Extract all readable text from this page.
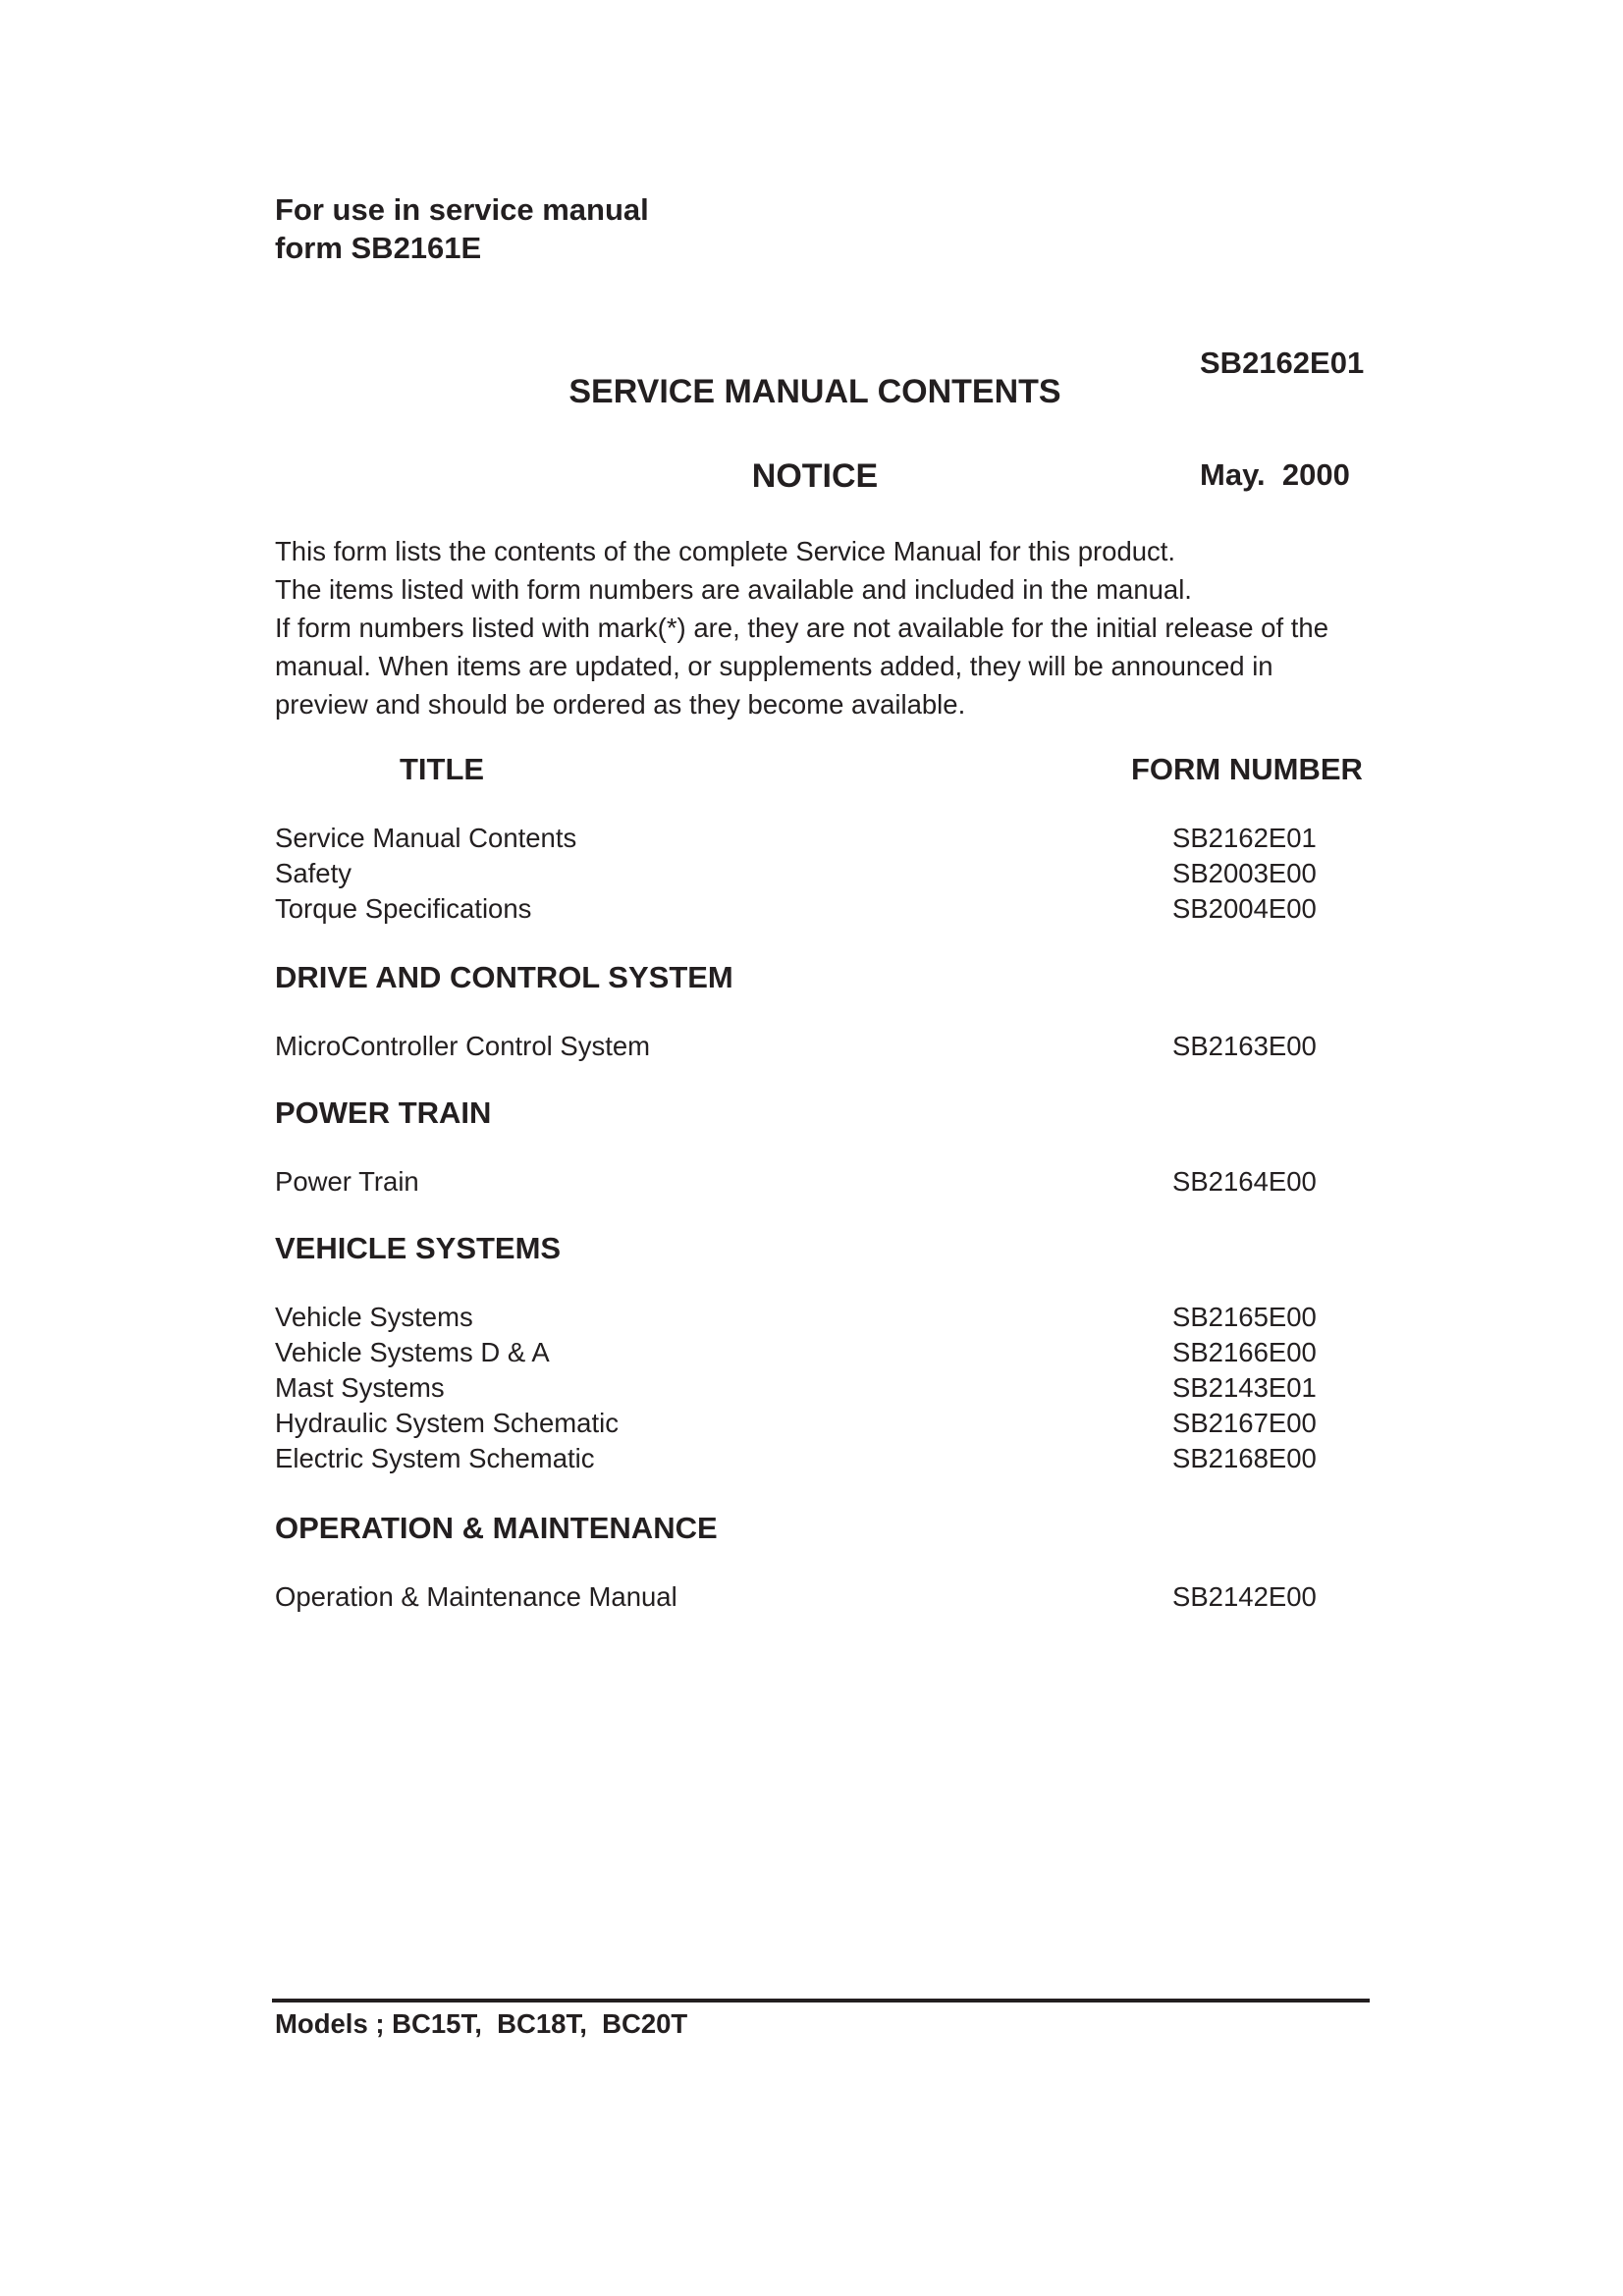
For use in service manual
form SB2161E

SB2162E01

May.  2000

SERVICE MANUAL CONTENTS
NOTICE
This form lists the contents of the complete Service Manual for this product.
The items listed with form numbers are available and included in the manual.
If form numbers listed with mark(*) are, they are not available for the initial release of the
manual. When items are updated, or supplements added, they will be announced in
preview and should be ordered as they become available.
TITLE	FORM NUMBER
Service Manual Contents	SB2162E01
Safety	SB2003E00
Torque Specifications	SB2004E00
DRIVE AND CONTROL SYSTEM
MicroController Control System	SB2163E00
POWER TRAIN
Power Train	SB2164E00
VEHICLE SYSTEMS
Vehicle Systems	SB2165E00
Vehicle Systems D & A	SB2166E00
Mast Systems	SB2143E01
Hydraulic System Schematic	SB2167E00
Electric System Schematic	SB2168E00
OPERATION & MAINTENANCE
Operation & Maintenance Manual	SB2142E00
Models ; BC15T,  BC18T,  BC20T
